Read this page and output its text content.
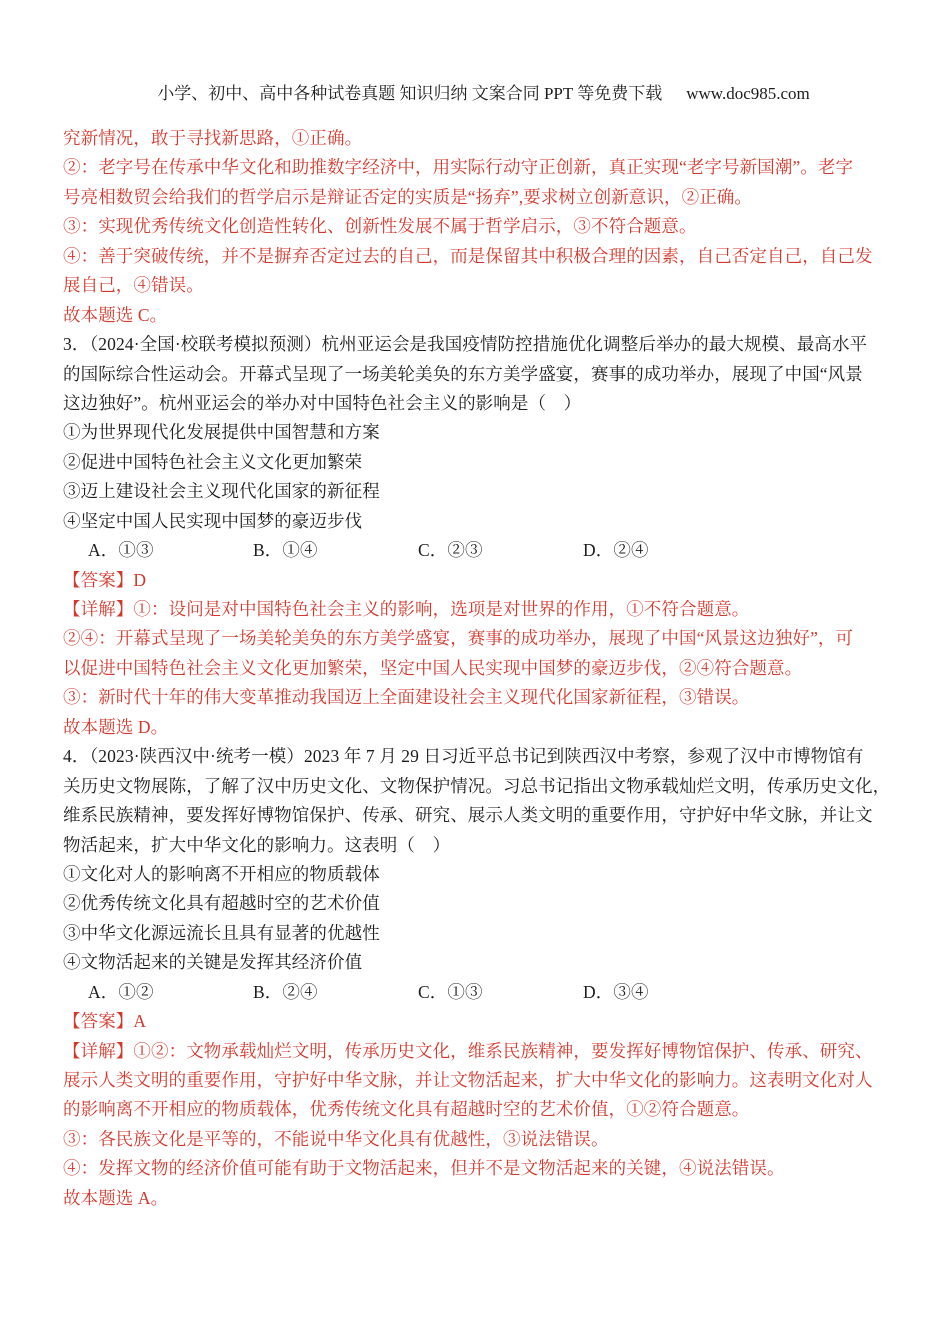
小学、初中、高中各种试卷真题 知识归纳 文案合同 PPT 等免费下载 www.doc985.com

究新情况，敢于寻找新思路，①正确。
②：老字号在传承中华文化和助推数字经济中，用实际行动守正创新，真正实现“老字号新国潮”。老字
号亮相数贸会给我们的哲学启示是辩证否定的实质是“扬弃”,要求树立创新意识，②正确。
③：实现优秀传统文化创造性转化、创新性发展不属于哲学启示，③不符合题意。
④：善于突破传统，并不是摒弃否定过去的自己，而是保留其中积极合理的因素，自己否定自己，自己发
展自己，④错误。
故本题选 C。
3．（2024·全国·校联考模拟预测）杭州亚运会是我国疫情防控措施优化调整后举办的最大规模、最高水平
的国际综合性运动会。开幕式呈现了一场美轮美奂的东方美学盛宴，赛事的成功举办，展现了中国“风景
这边独好”。杭州亚运会的举办对中国特色社会主义的影响是（　）
①为世界现代化发展提供中国智慧和方案
②促进中国特色社会主义文化更加繁荣
③迈上建设社会主义现代化国家的新征程
④坚定中国人民实现中国梦的豪迈步伐
A．①③	B．①④	C．②③	D．②④
【答案】D
【详解】①：设问是对中国特色社会主义的影响，选项是对世界的作用，①不符合题意。
②④：开幕式呈现了一场美轮美奂的东方美学盛宴，赛事的成功举办，展现了中国“风景这边独好”，可
以促进中国特色社会主义文化更加繁荣，坚定中国人民实现中国梦的豪迈步伐，②④符合题意。
③：新时代十年的伟大变革推动我国迈上全面建设社会主义现代化国家新征程，③错误。
故本题选 D。
4．（2023·陕西汉中·统考一模）2023 年 7 月 29 日习近平总书记到陕西汉中考察，参观了汉中市博物馆有
关历史文物展陈，了解了汉中历史文化、文物保护情况。习总书记指出文物承载灿烂文明，传承历史文化，
维系民族精神，要发挥好博物馆保护、传承、研究、展示人类文明的重要作用，守护好中华文脉，并让文
物活起来，扩大中华文化的影响力。这表明（　）
①文化对人的影响离不开相应的物质载体
②优秀传统文化具有超越时空的艺术价值
③中华文化源远流长且具有显著的优越性
④文物活起来的关键是发挥其经济价值
A．①②	B．②④	C．①③	D．③④
【答案】A
【详解】①②：文物承载灿烂文明，传承历史文化，维系民族精神，要发挥好博物馆保护、传承、研究、
展示人类文明的重要作用，守护好中华文脉，并让文物活起来，扩大中华文化的影响力。这表明文化对人
的影响离不开相应的物质载体，优秀传统文化具有超越时空的艺术价值，①②符合题意。
③：各民族文化是平等的，不能说中华文化具有优越性，③说法错误。
④：发挥文物的经济价值可能有助于文物活起来，但并不是文物活起来的关键，④说法错误。
故本题选 A。
